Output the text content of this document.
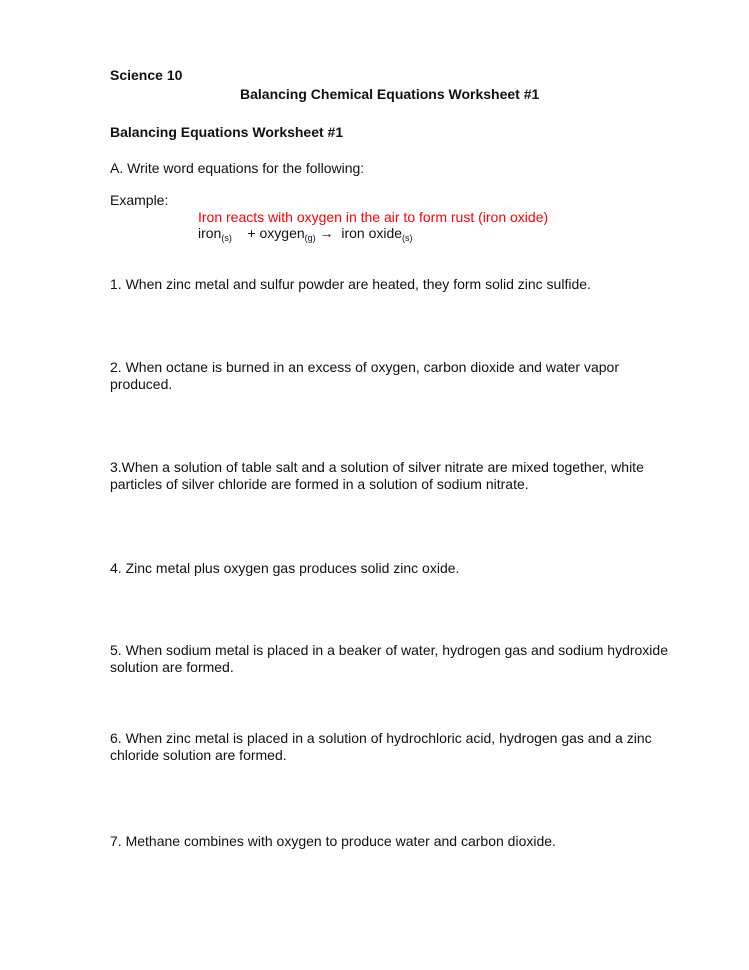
Science 10
Balancing Chemical Equations Worksheet #1
Balancing Equations Worksheet #1
A. Write word equations for the following:
Example:
Iron reacts with oxygen in the air to form rust (iron oxide)
iron$_{(s)}$ + oxygen$_{(g)}$ → iron oxide$_{(s)}$
1. When zinc metal and sulfur powder are heated, they form solid zinc sulfide.
2. When octane is burned in an excess of oxygen, carbon dioxide and water vapor produced.
3.When a solution of table salt and a solution of silver nitrate are mixed together, white particles of silver chloride are formed in a solution of sodium nitrate.
4. Zinc metal plus oxygen gas produces solid zinc oxide.
5. When sodium metal is placed in a beaker of water, hydrogen gas and sodium hydroxide solution are formed.
6. When zinc metal is placed in a solution of hydrochloric acid, hydrogen gas and a zinc chloride solution are formed.
7. Methane combines with oxygen to produce water and carbon dioxide.
